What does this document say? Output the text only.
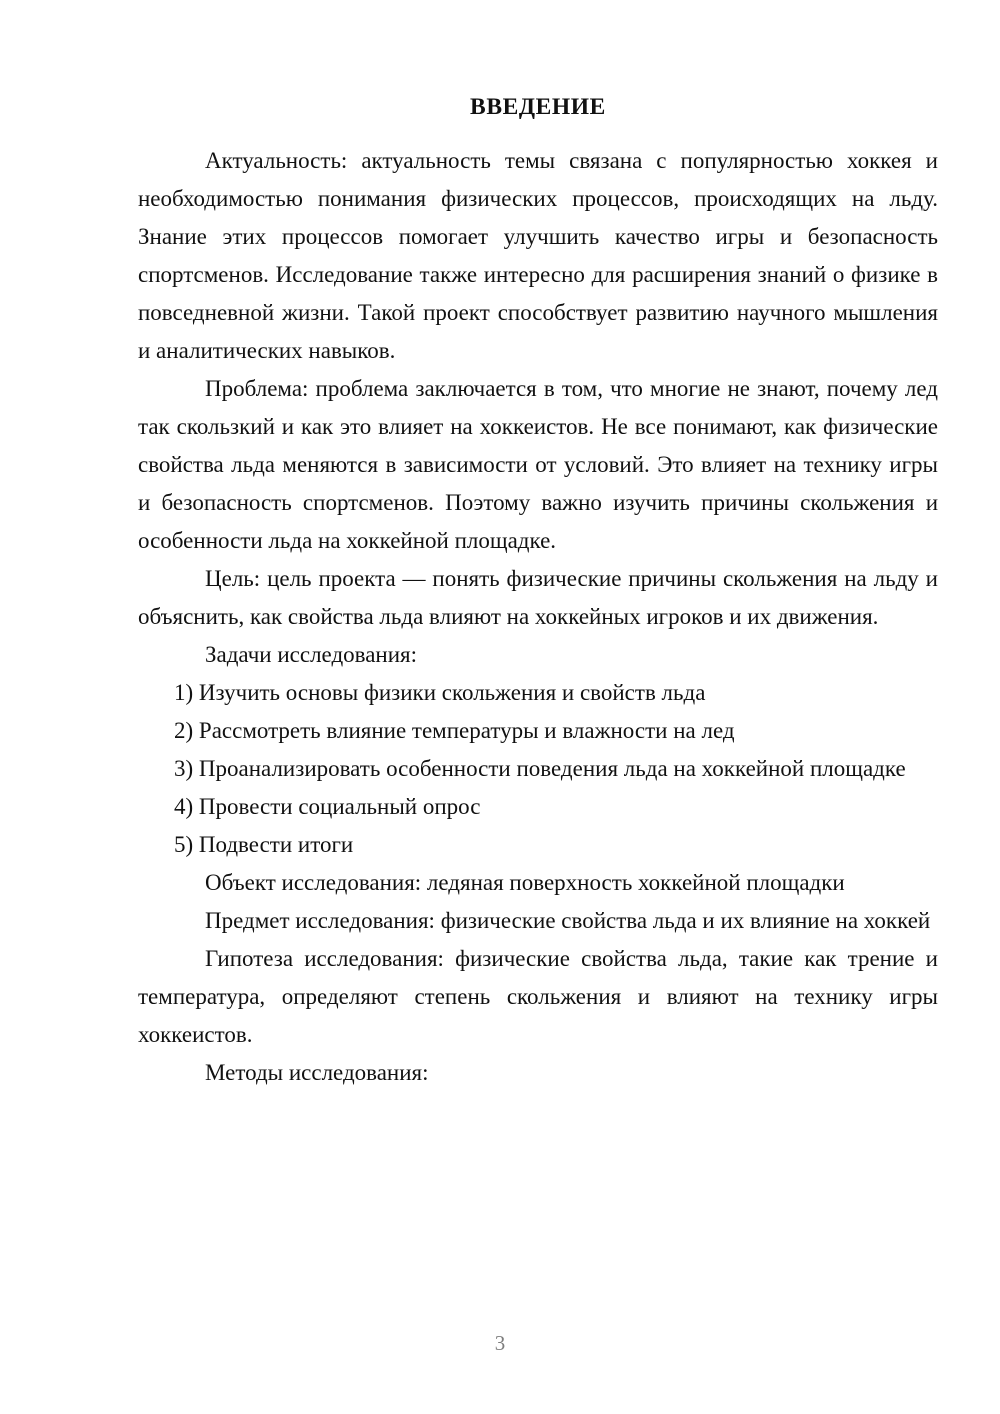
ВВЕДЕНИЕ

Актуальность: актуальность темы связана с популярностью хоккея и необходимостью понимания физических процессов, происходящих на льду. Знание этих процессов помогает улучшить качество игры и безопасность спортсменов. Исследование также интересно для расширения знаний о физике в повседневной жизни. Такой проект способствует развитию научного мышления и аналитических навыков.

Проблема: проблема заключается в том, что многие не знают, почему лед так скользкий и как это влияет на хоккеистов. Не все понимают, как физические свойства льда меняются в зависимости от условий. Это влияет на технику игры и безопасность спортсменов. Поэтому важно изучить причины скольжения и особенности льда на хоккейной площадке.

Цель: цель проекта — понять физические причины скольжения на льду и объяснить, как свойства льда влияют на хоккейных игроков и их движения.

Задачи исследования:

1) Изучить основы физики скольжения и свойств льда

2) Рассмотреть влияние температуры и влажности на лед

3) Проанализировать особенности поведения льда на хоккейной площадке

4) Провести социальный опрос

5) Подвести итоги

Объект исследования: ледяная поверхность хоккейной площадки

Предмет исследования: физические свойства льда и их влияние на хоккей

Гипотеза исследования: физические свойства льда, такие как трение и температура, определяют степень скольжения и влияют на технику игры хоккеистов.

Методы исследования:

3
